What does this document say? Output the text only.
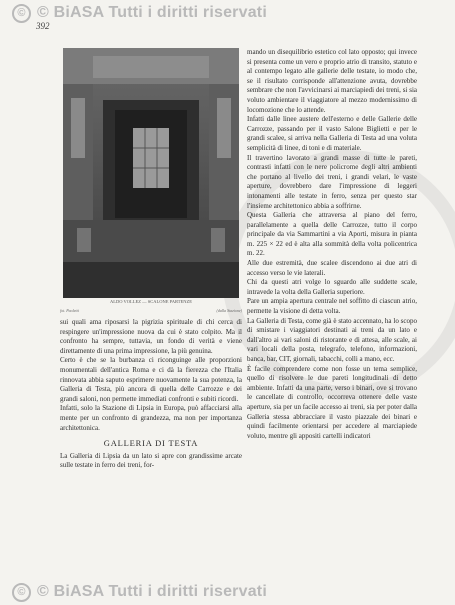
© © BiASA Tutti i diritti riservati
392
ALDO VOLLEZ — SCALONE PARTENZE
fot. Paoletti	(dalla Stazione)

sui quali ama riposarsi la pigrizia spirituale di chi cerca di respingere un'impressione nuova da cui è stato colpito. Ma il confronto ha sempre, tuttavia, un fondo di verità e viene direttamente di una prima impressione, la più genuina.

Certo è che se la burbanza ci riconguinge alle proporzioni monumentali dell'antica Roma e ci dà la fierezza che l'Italia rinnovata abbia saputo esprimere nuovamente la sua potenza, la Galleria di Testa, più ancora di quella delle Carrozze e dei grandi saloni, non permette immediati confronti e subiti ricordi.

Infatti, solo la Stazione di Lipsia in Europa, può affacciarsi alla mente per un confronto di grandezza, ma non per importanza architettonica.

GALLERIA DI TESTA

La Galleria di Lipsia da un lato si apre con grandissime arcate sulle testate in ferro dei treni, for-

mando un disequilibrio estetico col lato opposto; qui invece si presenta come un vero e proprio atrio di transito, statuto e al contempo legato alle gallerie delle testate, io modo che, se il risultato corrisponde all'attenzione avuta, dovrebbe sembrare che non l'avvicinarsi ai marciapiedi dei treni, si sia voluto ambientare il viaggiatore al mezzo modernissimo di locomozione che lo attende.

Infatti dalle linee austere dell'esterno e delle Gallerie delle Carrozze, passando per il vasto Salone Biglietti e per le grandi scalee, si arriva nella Galleria di Testa ad una voluta semplicità di linee, di toni e di materiale.

Il travertino lavorato a grandi masse di tutte le pareti, contrasti infatti con le nere policrome degli altri ambienti che portano al livello dei treni, i grandi velari, le vaste aperture, dovrebbero dare l'impressione di leggeri intonamenti alle testate in ferro, senza per questo star l'insieme architettonico abbia a soffrirne.

Questa Galleria che attraversa al piano del ferro, parallelamente a quella delle Carrozze, tutto il corpo principale da via Sammartini a via Aporti, misura in pianta m. 225 × 22 ed è alta alla sommità della volta policentrica m. 22.

Alle due estremità, due scalee discendono ai due atri di accesso verso le vie laterali.

Chi da questi atri volge lo sguardo alle suddette scale, intravede la volta della Galleria superiore.

Pare un ampia apertura centrale nel soffitto di ciascun atrio, permette la visione di detta volta.

La Galleria di Testa, come già è stato accennato, ha lo scopo di smistare i viaggiatori destinati ai treni da un lato e dall'altro ai vari saloni di ristorante e di attesa, alle scale, ai vari locali della posta, telegrafo, telefono, informazioni, banca, bar, CIT, giornali, tabacchi, colli a mano, ecc.

È facile comprendere come non fosse un tema semplice, quello di risolvere le due pareti longitudinali di detto ambiente. Infatti da una parte, verso i binari, ove si trovano le cancellate di controllo, occorreva ottenere delle vaste aperture, sia per un facile accesso ai treni, sia per poter dalla Galleria stessa abbracciare il vasto piazzale dei binari e quindi facilmente orientarsi per accedere al marciapiede voluto, mentre gli appositi cartelli indicatori

© © BiASA Tutti i diritti riservati
